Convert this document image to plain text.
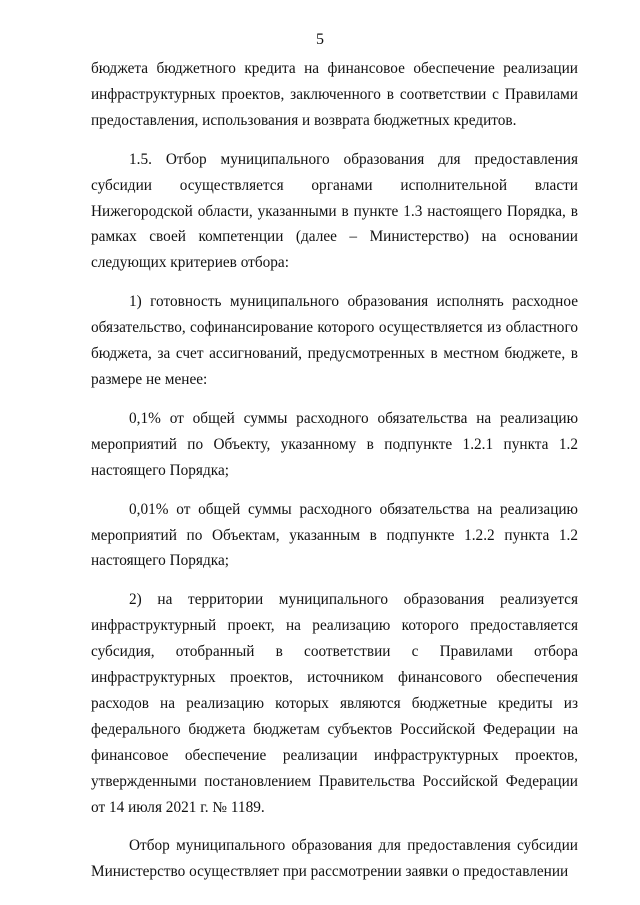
5

бюджета бюджетного кредита на финансовое обеспечение реализации инфраструктурных проектов, заключенного в соответствии с Правилами предоставления, использования и возврата бюджетных кредитов.

1.5. Отбор муниципального образования для предоставления субсидии осуществляется органами исполнительной власти Нижегородской области, указанными в пункте 1.3 настоящего Порядка, в рамках своей компетенции (далее – Министерство) на основании следующих критериев отбора:

1) готовность муниципального образования исполнять расходное обязательство, софинансирование которого осуществляется из областного бюджета, за счет ассигнований, предусмотренных в местном бюджете, в размере не менее:

0,1% от общей суммы расходного обязательства на реализацию мероприятий по Объекту, указанному в подпункте 1.2.1 пункта 1.2 настоящего Порядка;

0,01% от общей суммы расходного обязательства на реализацию мероприятий по Объектам, указанным в подпункте 1.2.2 пункта 1.2 настоящего Порядка;

2) на территории муниципального образования реализуется инфраструктурный проект, на реализацию которого предоставляется субсидия, отобранный в соответствии с Правилами отбора инфраструктурных проектов, источником финансового обеспечения расходов на реализацию которых являются бюджетные кредиты из федерального бюджета бюджетам субъектов Российской Федерации на финансовое обеспечение реализации инфраструктурных проектов, утвержденными постановлением Правительства Российской Федерации от 14 июля 2021 г. № 1189.

Отбор муниципального образования для предоставления субсидии Министерство осуществляет при рассмотрении заявки о предоставлении
